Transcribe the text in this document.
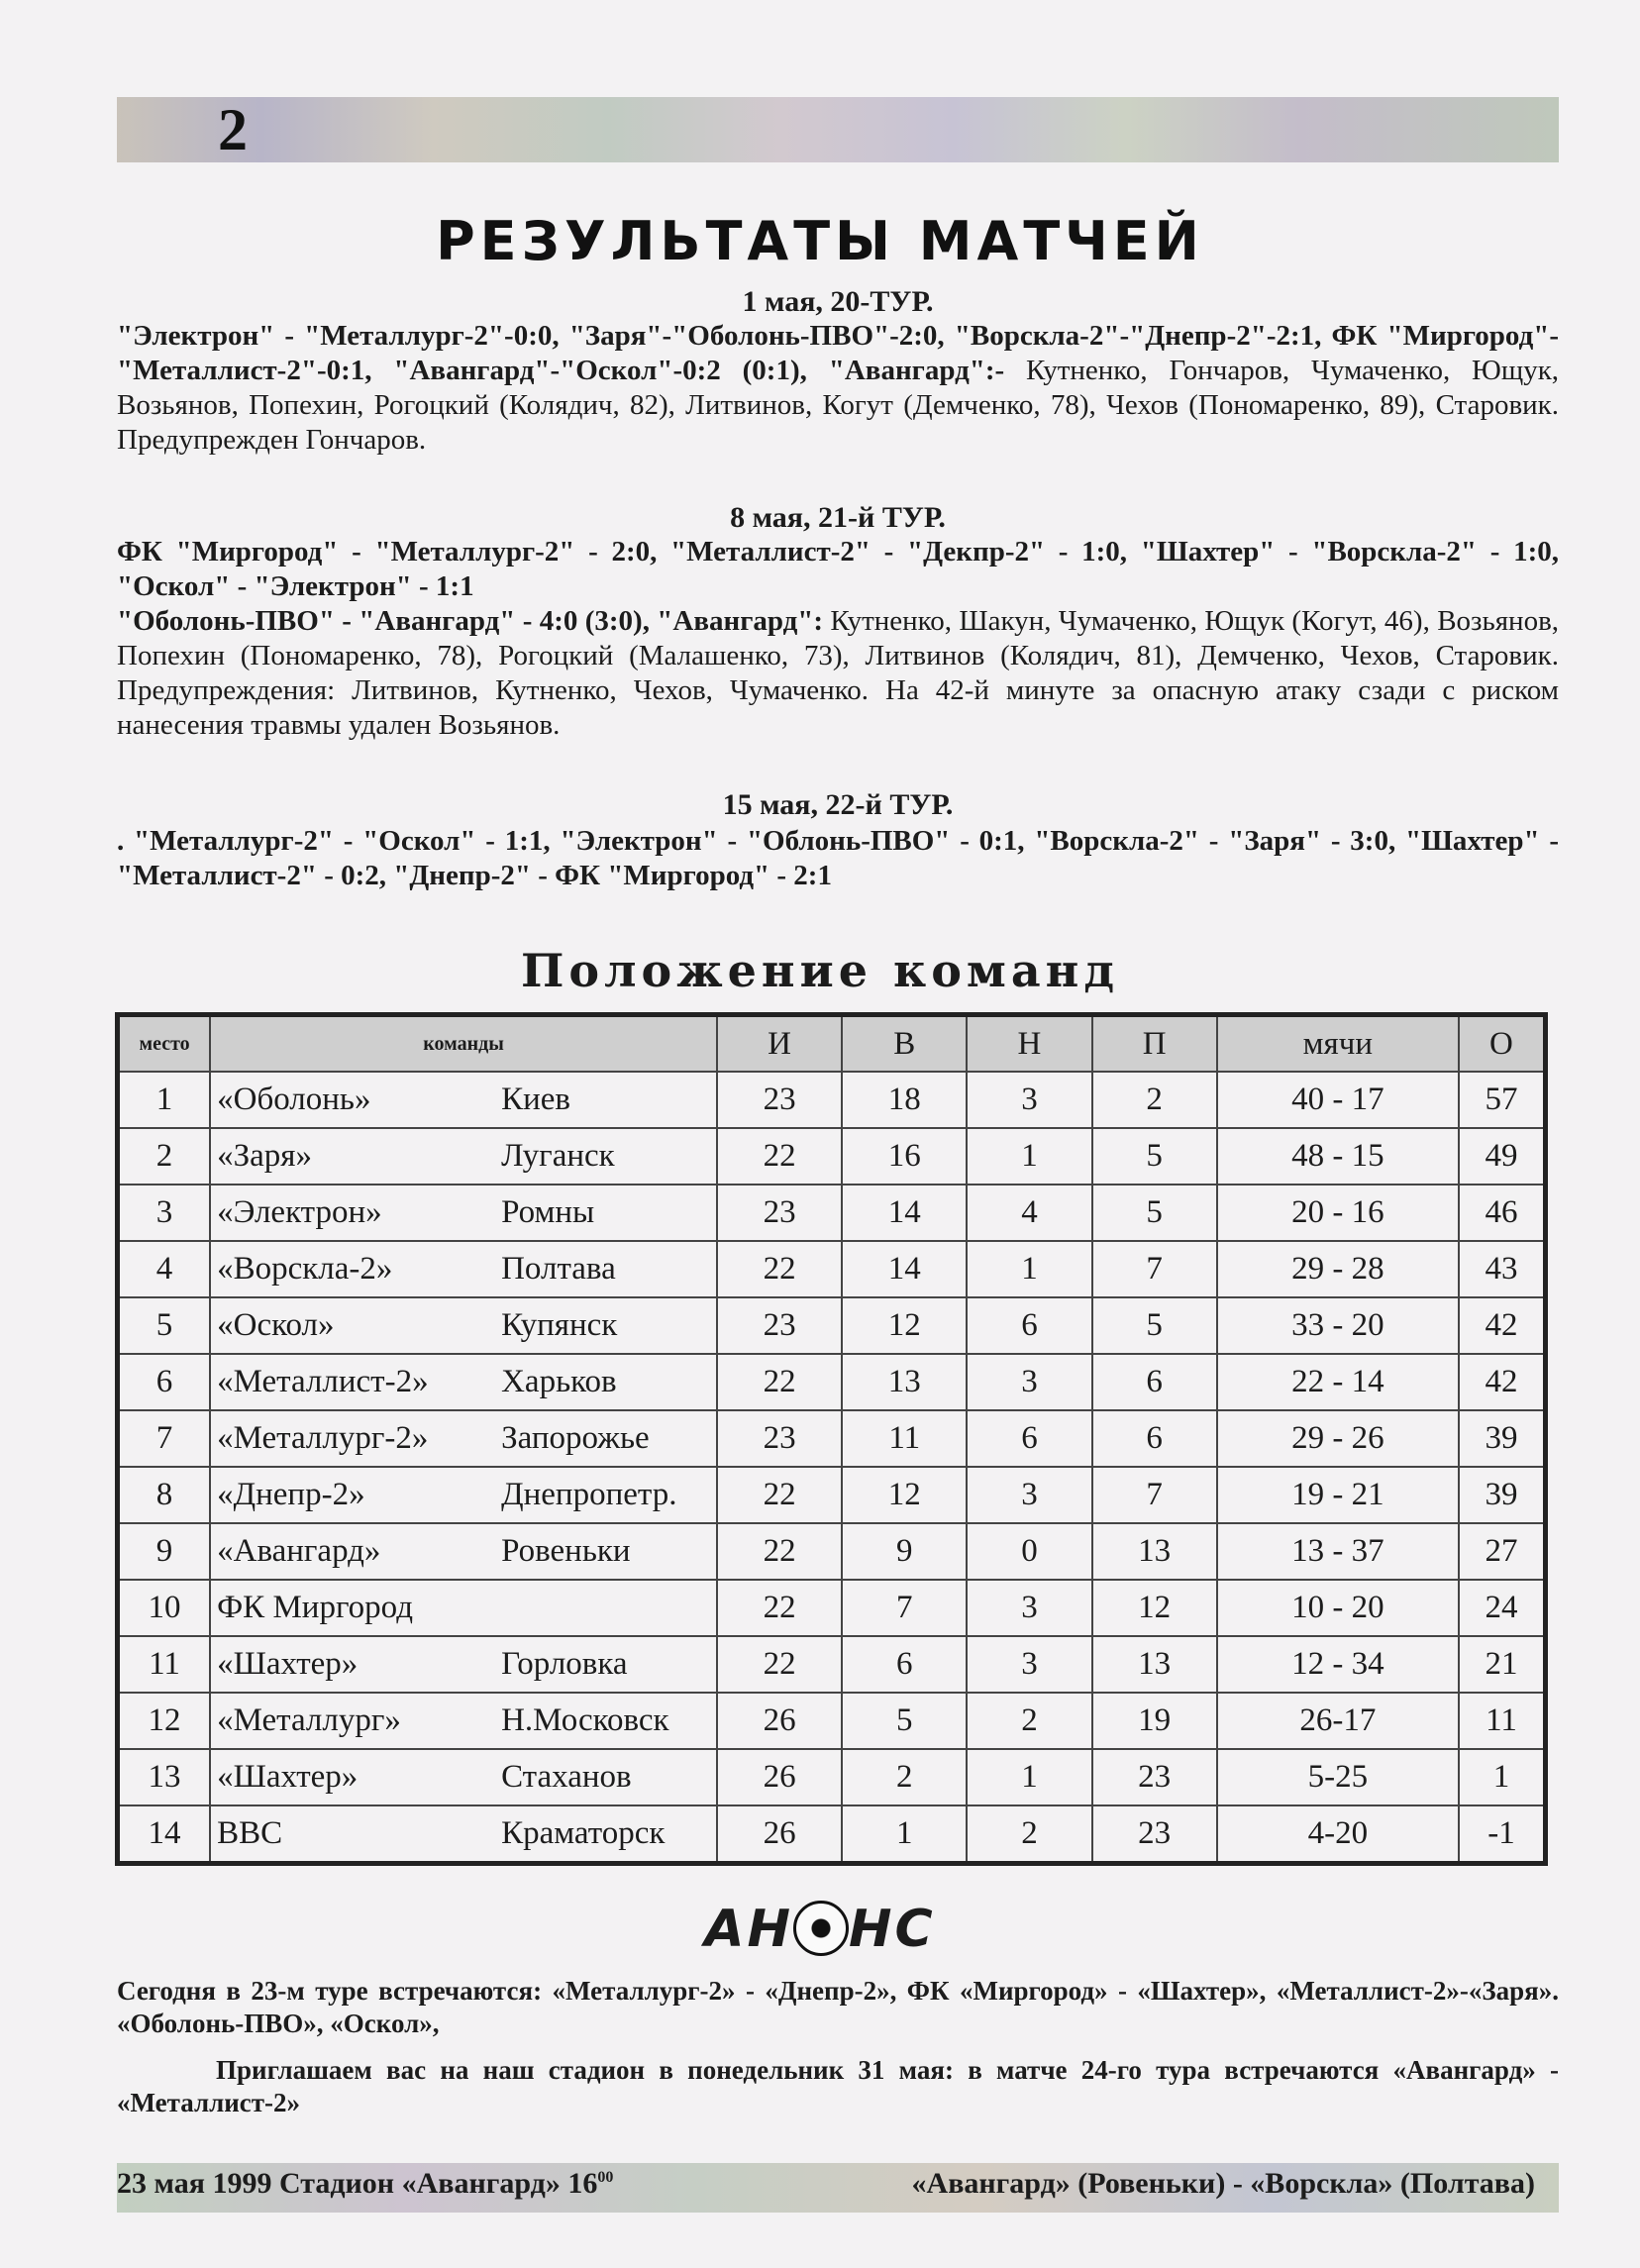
2
РЕЗУЛЬТАТЫ МАТЧЕЙ
1 мая, 20-ТУР.
"Электрон" - "Металлург-2"-0:0, "Заря"-"Оболонь-ПВО"-2:0, "Ворскла-2"-"Днепр-2"-2:1, ФК "Миргород"-"Металлист-2"-0:1, "Авангард"-"Оскол"-0:2 (0:1), "Авангард":- Кутненко, Гончаров, Чумаченко, Ющук, Возьянов, Попехин, Рогоцкий (Колядич, 82), Литвинов, Когут (Демченко, 78), Чехов (Пономаренко, 89), Старовик. Предупрежден Гончаров.
8 мая, 21-й ТУР.
ФК "Миргород" - "Металлург-2" - 2:0, "Металлист-2" - "Декпр-2" - 1:0, "Шахтер" - "Ворскла-2" - 1:0, "Оскол" - "Электрон" - 1:1
"Оболонь-ПВО" - "Авангард" - 4:0 (3:0), "Авангард": Кутненко, Шакун, Чумаченко, Ющук (Когут, 46), Возьянов, Попехин (Пономаренко, 78), Рогоцкий (Малашенко, 73), Литвинов (Колядич, 81), Демченко, Чехов, Старовик. Предупреждения: Литвинов, Кутненко, Чехов, Чумаченко. На 42-й минуте за опасную атаку сзади с риском нанесения травмы удален Возьянов.
15 мая, 22-й ТУР.
. "Металлург-2" - "Оскол" - 1:1, "Электрон" - "Облонь-ПВО" - 0:1, "Ворскла-2" - "Заря" - 3:0, "Шахтер" - "Металлист-2" - 0:2, "Днепр-2" - ФК "Миргород" - 2:1
Положение команд
место	команды		И	В	Н	П	мячи	О
1	«Оболонь»	Киев	23	18	3	2	40 - 17	57
2	«Заря»	Луганск	22	16	1	5	48 - 15	49
3	«Электрон»	Ромны	23	14	4	5	20 - 16	46
4	«Ворскла-2»	Полтава	22	14	1	7	29 - 28	43
5	«Оскол»	Купянск	23	12	6	5	33 - 20	42
6	«Металлист-2»	Харьков	22	13	3	6	22 - 14	42
7	«Металлург-2»	Запорожье	23	11	6	6	29 - 26	39
8	«Днепр-2»	Днепропетр.	22	12	3	7	19 - 21	39
9	«Авангард»	Ровеньки	22	9	0	13	13 - 37	27
10	ФК Миргород		22	7	3	12	10 - 20	24
11	«Шахтер»	Горловка	22	6	3	13	12 - 34	21
12	«Металлург»	Н.Московск	26	5	2	19	26-17	11
13	«Шахтер»	Стаханов	26	2	1	23	5-25	1
14	ВВС	Краматорск	26	1	2	23	4-20	-1
АН НС
Сегодня в 23-м туре встречаются: «Металлург-2» - «Днепр-2», ФК «Миргород» - «Шахтер», «Металлист-2»-«Заря». «Оболонь-ПВО», «Оскол»,
Приглашаем вас на наш стадион в понедельник 31 мая: в матче 24-го тура встречаются «Авангард» - «Металлист-2»
23 мая 1999 Стадион «Авангард» $16^{00}$	«Авангард» (Ровеньки) - «Ворскла» (Полтава)
